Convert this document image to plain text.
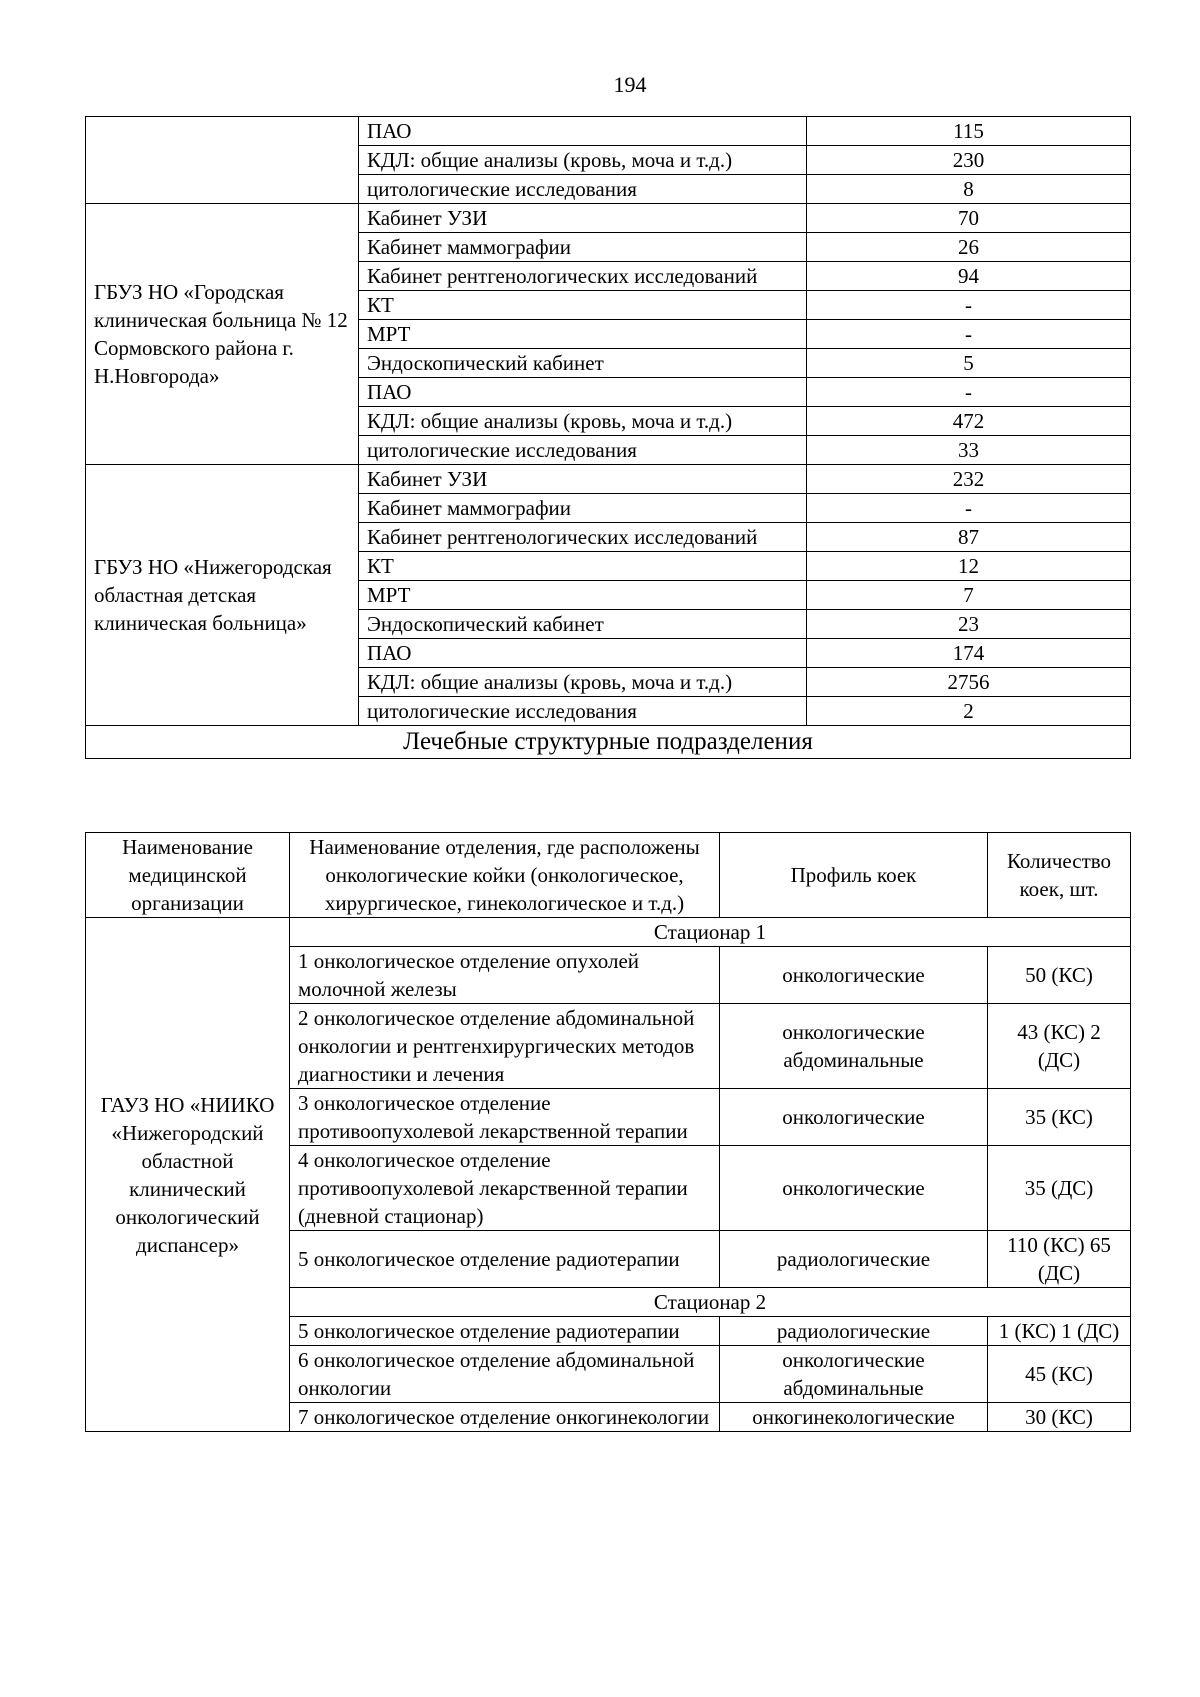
194
	ПАО	115
	КДЛ: общие анализы (кровь, моча и т.д.)	230
	цитологические исследования	8
ГБУЗ НО «Городская клиническая больница № 12 Сормовского района г. Н.Новгорода»	Кабинет УЗИ	70
	Кабинет маммографии	26
	Кабинет рентгенологических исследований	94
	КТ	-
	МРТ	-
	Эндоскопический кабинет	5
	ПАО	-
	КДЛ: общие анализы (кровь, моча и т.д.)	472
	цитологические исследования	33
ГБУЗ НО «Нижегородская областная детская клиническая больница»	Кабинет УЗИ	232
	Кабинет маммографии	-
	Кабинет рентгенологических исследований	87
	КТ	12
	МРТ	7
	Эндоскопический кабинет	23
	ПАО	174
	КДЛ: общие анализы (кровь, моча и т.д.)	2756
	цитологические исследования	2
Лечебные структурные подразделения		
Наименование медицинской организации	Наименование отделения, где расположены онкологические койки (онкологическое, хирургическое, гинекологическое и т.д.)	Профиль коек	Количество коек, шт.
ГАУЗ НО «НИИКО «Нижегородский областной клинический онкологический диспансер»	Стационар 1		
	1 онкологическое отделение опухолей молочной железы	онкологические	50 (КС)
	2 онкологическое отделение абдоминальной онкологии и рентгенхирургических методов диагностики и лечения	онкологические абдоминальные	43 (КС) 2 (ДС)
	3 онкологическое отделение противоопухолевой лекарственной терапии	онкологические	35 (КС)
	4 онкологическое отделение противоопухолевой лекарственной терапии (дневной стационар)	онкологические	35 (ДС)
	5 онкологическое отделение радиотерапии	радиологические	110 (КС) 65 (ДС)
	Стационар 2		
	5 онкологическое отделение радиотерапии	радиологические	1 (КС) 1 (ДС)
	6 онкологическое отделение абдоминальной онкологии	онкологические абдоминальные	45 (КС)
	7 онкологическое отделение онкогинекологии	онкогинекологические	30 (КС)
